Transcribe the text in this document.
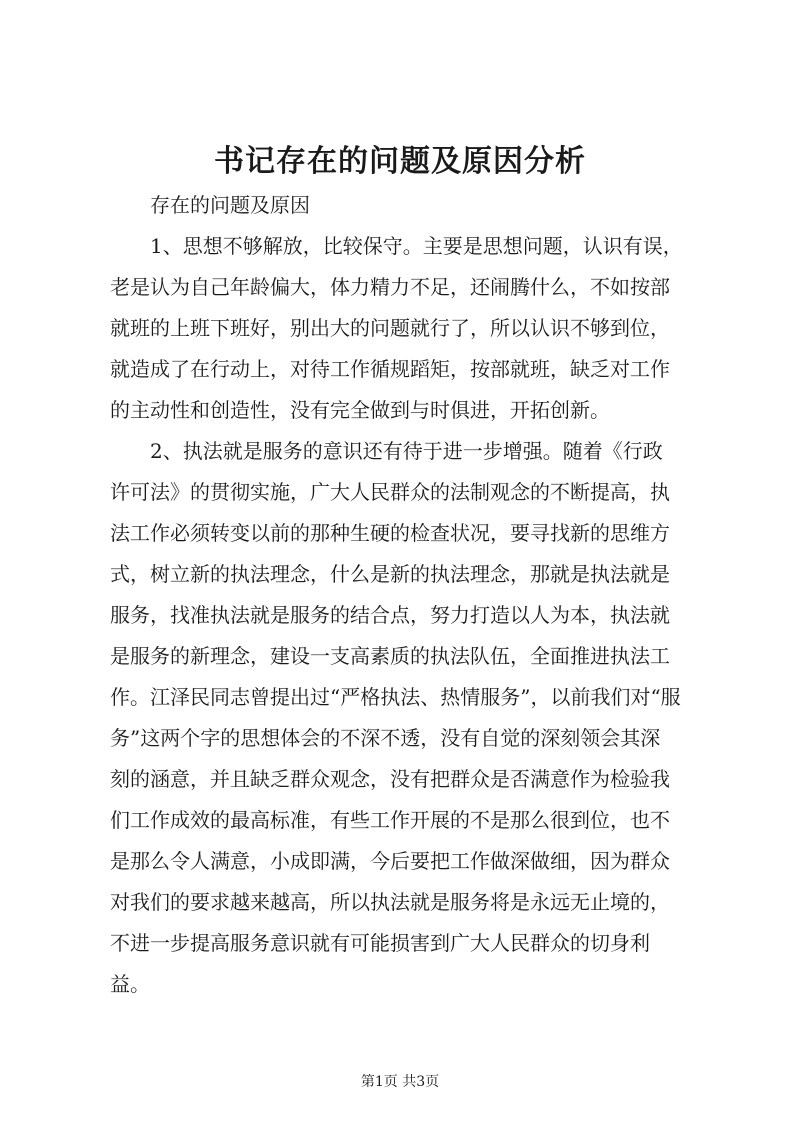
书记存在的问题及原因分析
存在的问题及原因
1、思想不够解放，比较保守。主要是思想问题，认识有误，
老是认为自己年龄偏大，体力精力不足，还闹腾什么，不如按部
就班的上班下班好，别出大的问题就行了，所以认识不够到位，
就造成了在行动上，对待工作循规蹈矩，按部就班，缺乏对工作
的主动性和创造性，没有完全做到与时俱进，开拓创新。
2、执法就是服务的意识还有待于进一步增强。随着《行政
许可法》的贯彻实施，广大人民群众的法制观念的不断提高，执
法工作必须转变以前的那种生硬的检查状况，要寻找新的思维方
式，树立新的执法理念，什么是新的执法理念，那就是执法就是
服务，找准执法就是服务的结合点，努力打造以人为本，执法就
是服务的新理念，建设一支高素质的执法队伍，全面推进执法工
作。江泽民同志曾提出过“严格执法、热情服务”，以前我们对“服
务”这两个字的思想体会的不深不透，没有自觉的深刻领会其深
刻的涵意，并且缺乏群众观念，没有把群众是否满意作为检验我
们工作成效的最高标准，有些工作开展的不是那么很到位，也不
是那么令人满意，小成即满，今后要把工作做深做细，因为群众
对我们的要求越来越高，所以执法就是服务将是永远无止境的，
不进一步提高服务意识就有可能损害到广大人民群众的切身利
益。
第1页 共3页
